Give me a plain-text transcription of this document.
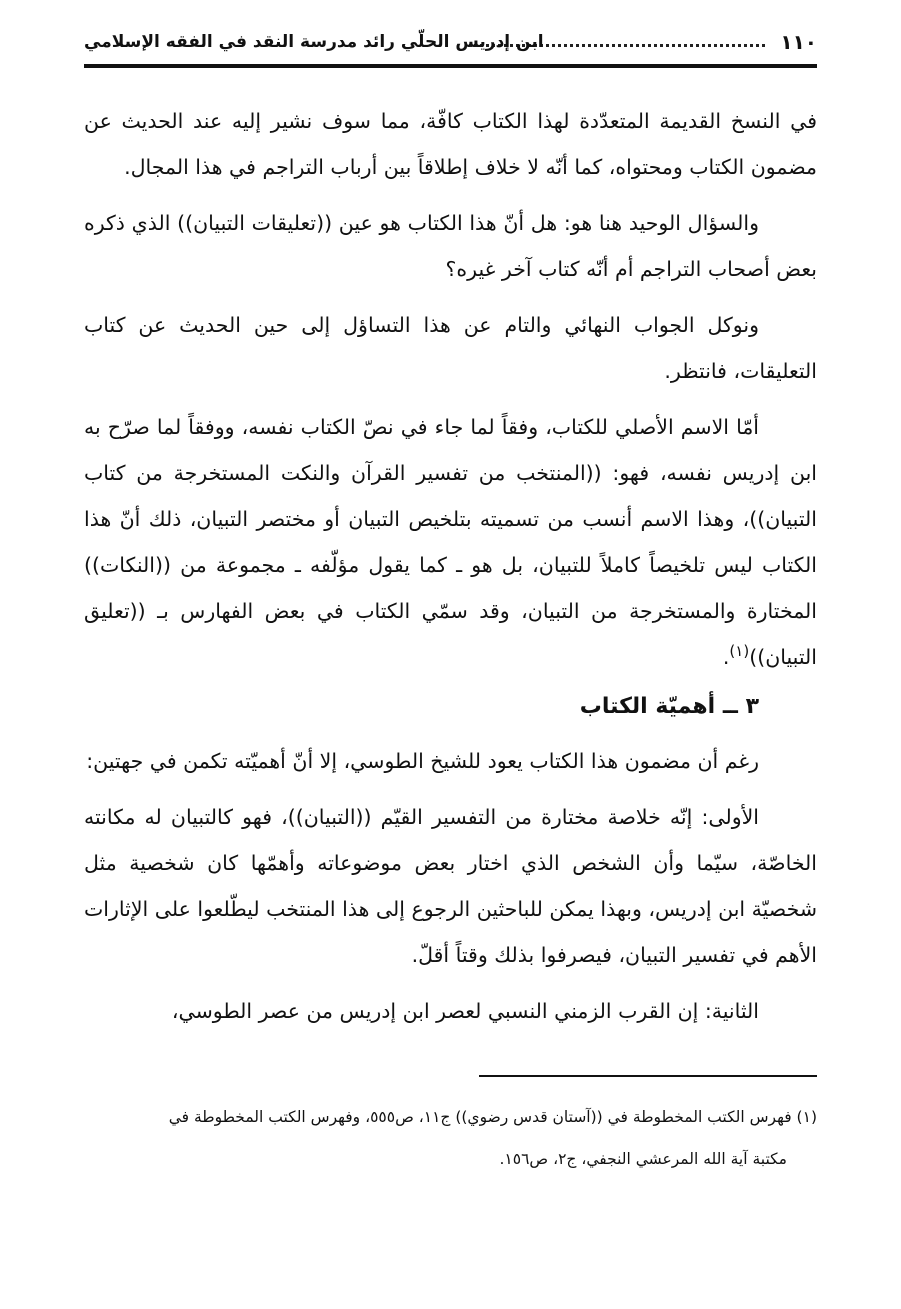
١١٠
ابن إدريس الحلّي رائد مدرسة النقد في الفقه الإسلامي

في النسخ القديمة المتعدّدة لهذا الكتاب كافّة، مما سوف نشير إليه عند الحديث عن مضمون الكتاب ومحتواه، كما أنّه لا خلاف إطلاقاً بين أرباب التراجم في هذا المجال.

والسؤال الوحيد هنا هو: هل أنّ هذا الكتاب هو عين ((تعليقات التبيان)) الذي ذكره بعض أصحاب التراجم أم أنّه كتاب آخر غيره؟

ونوكل الجواب النهائي والتام عن هذا التساؤل إلى حين الحديث عن كتاب التعليقات، فانتظر.

أمّا الاسم الأصلي للكتاب، وفقاً لما جاء في نصّ الكتاب نفسه، ووفقاً لما صرّح به ابن إدريس نفسه، فهو: ((المنتخب من تفسير القرآن والنكت المستخرجة من كتاب التبيان))، وهذا الاسم أنسب من تسميته بتلخيص التبيان أو مختصر التبيان، ذلك أنّ هذا الكتاب ليس تلخيصاً كاملاً للتبيان، بل هو ـ كما يقول مؤلّفه ـ مجموعة من ((النكات)) المختارة والمستخرجة من التبيان، وقد سمّي الكتاب في بعض الفهارس بـ ((تعليق التبيان))$^{(١)}$.

٣ ــ أهميّة الكتاب

رغم أن مضمون هذا الكتاب يعود للشيخ الطوسي، إلا أنّ أهميّته تكمن في جهتين:

الأولى: إنّه خلاصة مختارة من التفسير القيّم ((التبيان))، فهو كالتبيان له مكانته الخاصّة، سيّما وأن الشخص الذي اختار بعض موضوعاته وأهمّها كان شخصية مثل شخصيّة ابن إدريس، وبهذا يمكن للباحثين الرجوع إلى هذا المنتخب ليطّلعوا على الإثارات الأهم في تفسير التبيان، فيصرفوا بذلك وقتاً أقلّ.

الثانية: إن القرب الزمني النسبي لعصر ابن إدريس من عصر الطوسي،

(١) فهرس الكتب المخطوطة في ((آستان قدس رضوي)) ج١١، ص٥٥٥، وفهرس الكتب المخطوطة في

مكتبة آية الله المرعشي النجفي، ج٢، ص١٥٦.
